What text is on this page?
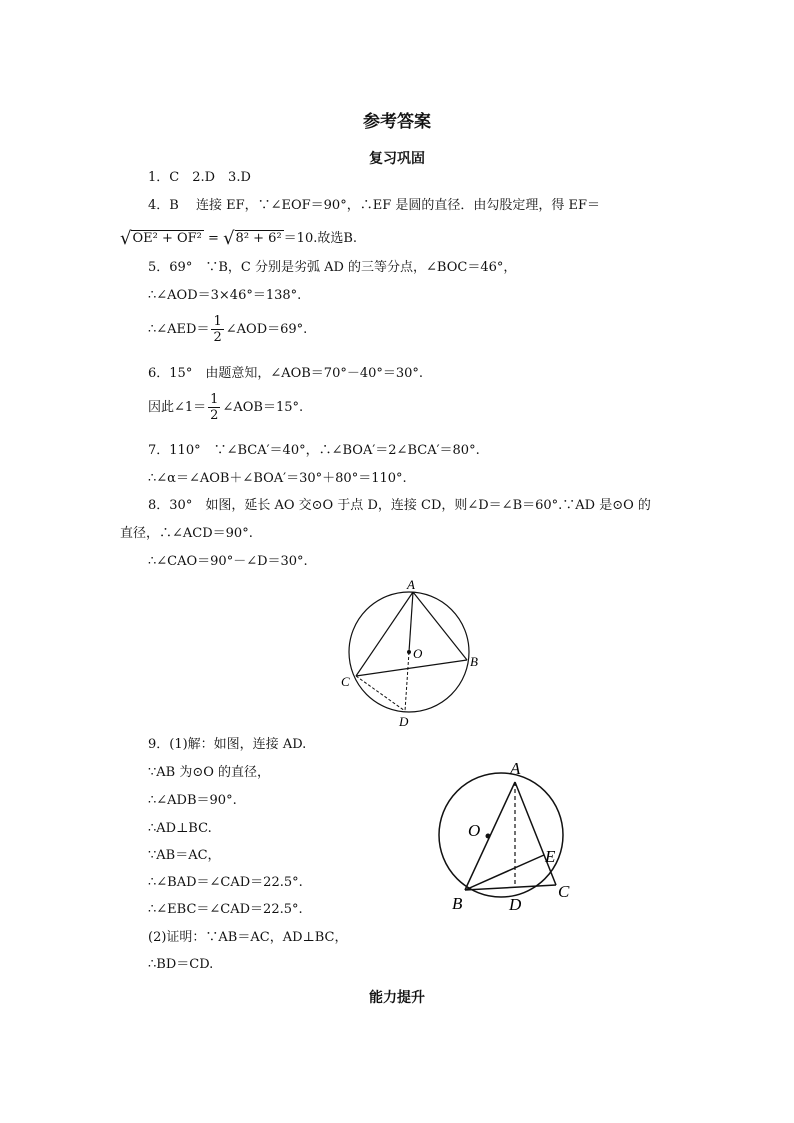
参考答案
复习巩固
1．C　2.D　3.D
4．B　 连接 EF，∵∠EOF＝90°，∴EF 是圆的直径．由勾股定理，得 EF＝
√OE² + OF² = √8² + 6² ＝10.故选B.
5．69°　∵B，C 分别是劣弧 AD 的三等分点，∠BOC＝46°，
∴∠AOD＝3×46°＝138°.
∴∠AED＝ $\frac{1}{2}$ ∠AOD＝69°.
6．15°　由题意知，∠AOB＝70°－40°＝30°.
因此∠1＝ $\frac{1}{2}$ ∠AOB＝15°.
7．110°　∵∠BCA′＝40°，∴∠BOA′＝2∠BCA′＝80°.
∴∠α＝∠AOB＋∠BOA′＝30°＋80°＝110°.
8．30°　如图，延长 AO 交⊙O 于点 D，连接 CD，则∠D＝∠B＝60°.∵AD 是⊙O 的
直径，∴∠ACD＝90°.
∴∠CAO＝90°－∠D＝30°.
A
B
C
D
O
9．(1)解：如图，连接 AD.
∵AB 为⊙O 的直径，
∴∠ADB＝90°.
∴AD⊥BC.
∵AB＝AC，
∴∠BAD＝∠CAD＝22.5°.
∴∠EBC＝∠CAD＝22.5°.
(2)证明：∵AB＝AC，AD⊥BC，
∴BD＝CD.
A
B
C
D
E
O
能力提升
